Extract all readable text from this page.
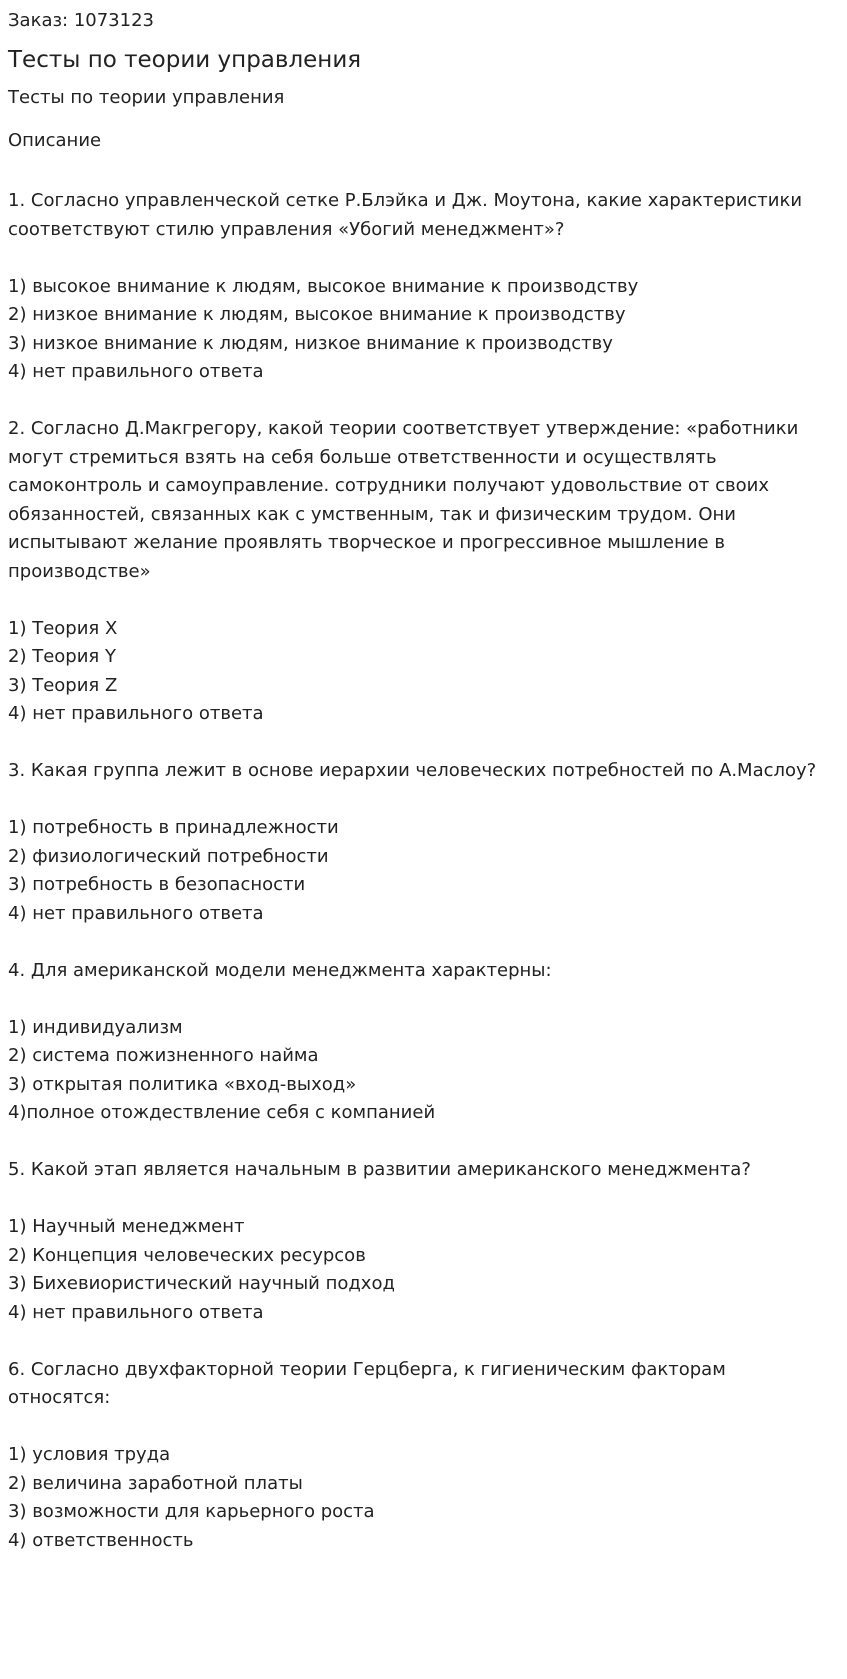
Заказ: 1073123

Тесты по теории управления

Тесты по теории управления

Описание

1. Согласно управленческой сетке Р.Блэйка и Дж. Моутона, какие характеристики соответствуют стилю управления «Убогий менеджмент»?

1) высокое внимание к людям, высокое внимание к производству
2) низкое внимание к людям, высокое внимание к производству
3) низкое внимание к людям, низкое внимание к производству
4) нет правильного ответа

2. Согласно Д.Макгрегору, какой теории соответствует утверждение: «работники могут стремиться взять на себя больше ответственности и осуществлять самоконтроль и самоуправление. сотрудники получают удовольствие от своих обязанностей, связанных как с умственным, так и физическим трудом. Они испытывают желание проявлять творческое и прогрессивное мышление в производстве»

1) Теория X
2) Теория Y
3) Теория Z
4) нет правильного ответа

3. Какая группа лежит в основе иерархии человеческих потребностей по А.Маслоу?

1) потребность в принадлежности
2) физиологический потребности
3) потребность в безопасности
4) нет правильного ответа

4. Для американской модели менеджмента характерны:

1) индивидуализм
2) система пожизненного найма
3) открытая политика «вход-выход»
4)полное отождествление себя с компанией

5. Какой этап является начальным в развитии американского менеджмента?

1) Научный менеджмент
2) Концепция человеческих ресурсов
3) Бихевиористический научный подход
4) нет правильного ответа

6. Согласно двухфакторной теории Герцберга, к гигиеническим факторам относятся:

1) условия труда
2) величина заработной платы
3) возможности для карьерного роста
4) ответственность
